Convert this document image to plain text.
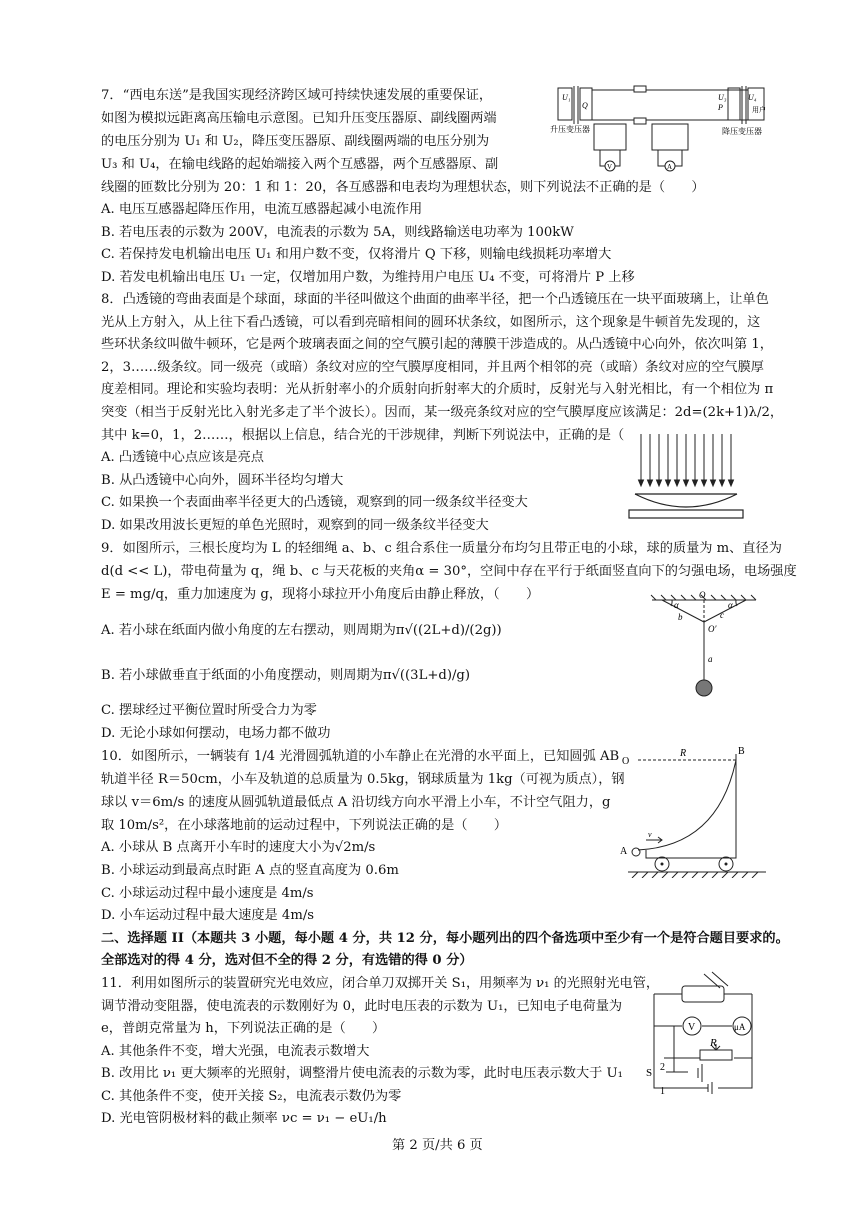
7．“西电东送”是我国实现经济跨区域可持续快速发展的重要保证，
如图为模拟远距离高压输电示意图。已知升压变压器原、副线圈两端
的电压分别为 U₁ 和 U₂，降压变压器原、副线圈两端的电压分别为
U₃ 和 U₄，在输电线路的起始端接入两个互感器，两个互感器原、副
线圈的匝数比分别为 20：1 和 1：20，各互感器和电表均为理想状态，则下列说法不正确的是（　　）
A. 电压互感器起降压作用，电流互感器起减小电流作用
B. 若电压表的示数为 200V，电流表的示数为 5A，则线路输送电功率为 100kW
C. 若保持发电机输出电压 U₁ 和用户数不变，仅将滑片 Q 下移，则输电线损耗功率增大
D. 若发电机输出电压 U₁ 一定，仅增加用户数，为维持用户电压 U₄ 不变，可将滑片 P 上移
U₁
Q
U₃
P
U₄
用户
升压变压器	降压变压器
V	A
8．凸透镜的弯曲表面是个球面，球面的半径叫做这个曲面的曲率半径，把一个凸透镜压在一块平面玻璃上，让单色
光从上方射入，从上往下看凸透镜，可以看到亮暗相间的圆环状条纹，如图所示，这个现象是牛顿首先发现的，这
些环状条纹叫做牛顿环，它是两个玻璃表面之间的空气膜引起的薄膜干涉造成的。从凸透镜中心向外，依次叫第 1，
2，3……级条纹。同一级亮（或暗）条纹对应的空气膜厚度相同，并且两个相邻的亮（或暗）条纹对应的空气膜厚
度差相同。理论和实验均表明：光从折射率小的介质射向折射率大的介质时，反射光与入射光相比，有一个相位为 π
突变（相当于反射光比入射光多走了半个波长）。因而，某一级亮条纹对应的空气膜厚度应该满足：2d=(2k+1)λ/2，
其中 k=0，1，2……，根据以上信息，结合光的干涉规律，判断下列说法中，正确的是（
A. 凸透镜中心点应该是亮点
B. 从凸透镜中心向外，圆环半径均匀增大
C. 如果换一个表面曲率半径更大的凸透镜，观察到的同一级条纹半径变大
D. 如果改用波长更短的单色光照时，观察到的同一级条纹半径变大
9．如图所示，三根长度均为 L 的轻细绳 a、b、c 组合系住一质量分布均匀且带正电的小球，球的质量为 m、直径为
d(d << L)，带电荷量为 q，绳 b、c 与天花板的夹角α = 30°，空间中存在平行于纸面竖直向下的匀强电场，电场强度
E = mg/q，重力加速度为 g，现将小球拉开小角度后由静止释放，（　　）
A. 若小球在纸面内做小角度的左右摆动，则周期为π√((2L+d)/(2g))
B. 若小球做垂直于纸面的小角度摆动，则周期为π√((3L+d)/g)
C. 摆球经过平衡位置时所受合力为零
D. 无论小球如何摆动，电场力都不做功
O
O′
α	α
b	c
a
10．如图所示，一辆装有 1/4 光滑圆弧轨道的小车静止在光滑的水平面上，已知圆弧 AB
轨道半径 R＝50cm，小车及轨道的总质量为 0.5kg，钢球质量为 1kg（可视为质点），钢
球以 v＝6m/s 的速度从圆弧轨道最低点 A 沿切线方向水平滑上小车，不计空气阻力，g
取 10m/s²，在小球落地前的运动过程中，下列说法正确的是（　　）
A. 小球从 B 点离开小车时的速度大小为√2m/s
B. 小球运动到最高点时距 A 点的竖直高度为 0.6m
C. 小球运动过程中最小速度是 4m/s
D. 小车运动过程中最大速度是 4m/s
O
R	B
A
v
二、选择题 II（本题共 3 小题，每小题 4 分，共 12 分，每小题列出的四个备选项中至少有一个是符合题目要求的。
全部选对的得 4 分，选对但不全的得 2 分，有选错的得 0 分）
11．利用如图所示的装置研究光电效应，闭合单刀双掷开关 S₁，用频率为 ν₁ 的光照射光电管，
调节滑动变阻器，使电流表的示数刚好为 0，此时电压表的示数为 U₁，已知电子电荷量为
e，普朗克常量为 h，下列说法正确的是（　　）
A. 其他条件不变，增大光强，电流表示数增大
B. 改用比 ν₁ 更大频率的光照射，调整滑片使电流表的示数为零，此时电压表示数大于 U₁
C. 其他条件不变，使开关接 S₂，电流表示数仍为零
D. 光电管阴极材料的截止频率 νc = ν₁ − eU₁/h
V	μA
R
S 2
1
第 2 页/共 6 页
